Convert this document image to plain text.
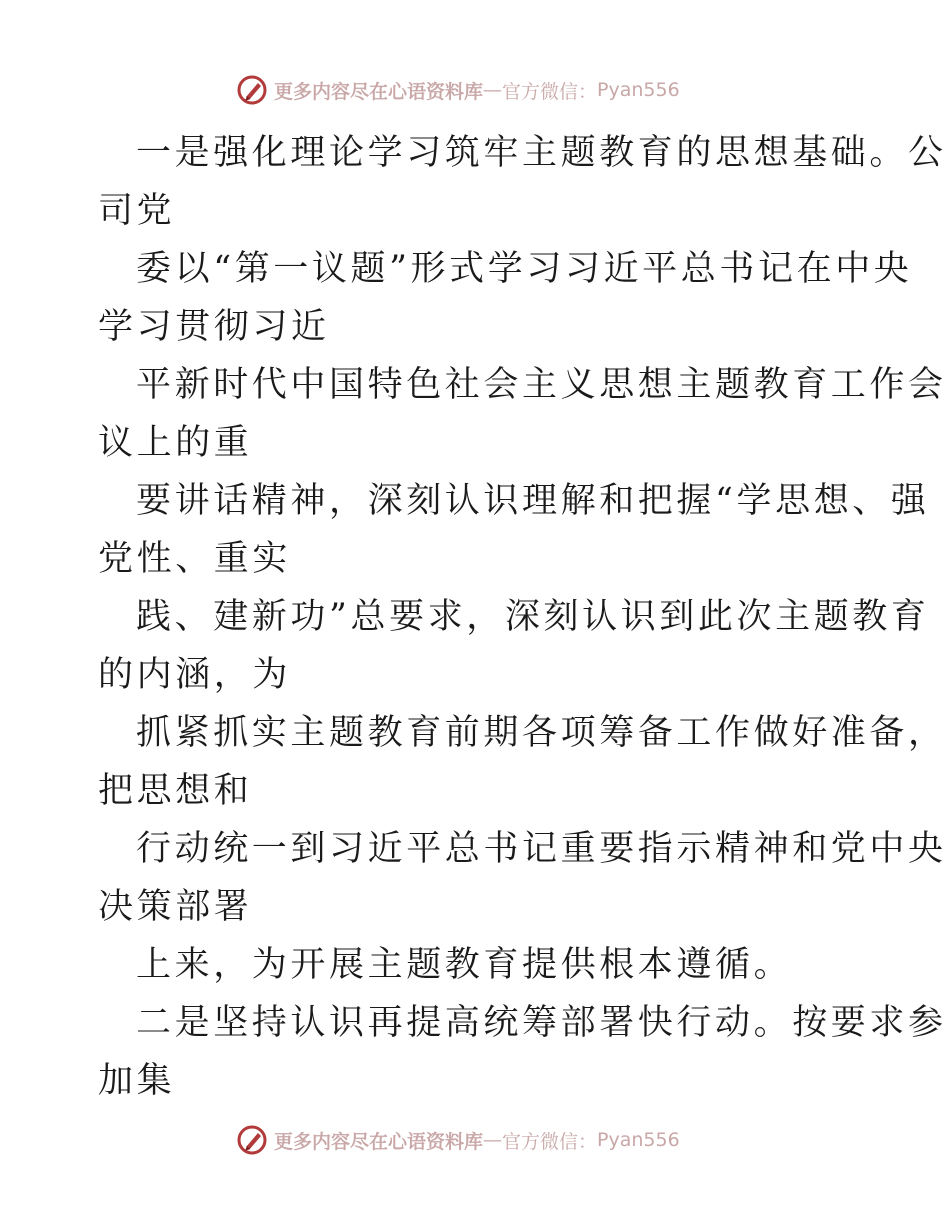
更多内容尽在心语资料库 — 官方微信： Pyan556
一是强化理论学习筑牢主题教育的思想基础。公
司党
委以“第一议题”形式学习习近平总书记在中央
学习贯彻习近
平新时代中国特色社会主义思想主题教育工作会
议上的重
要讲话精神，深刻认识理解和把握“学思想、强
党性、重实
践、建新功”总要求，深刻认识到此次主题教育
的内涵，为
抓紧抓实主题教育前期各项筹备工作做好准备，
把思想和
行动统一到习近平总书记重要指示精神和党中央
决策部署
上来，为开展主题教育提供根本遵循。
二是坚持认识再提高统筹部署快行动。按要求参
加集
更多内容尽在心语资料库 — 官方微信： Pyan556
